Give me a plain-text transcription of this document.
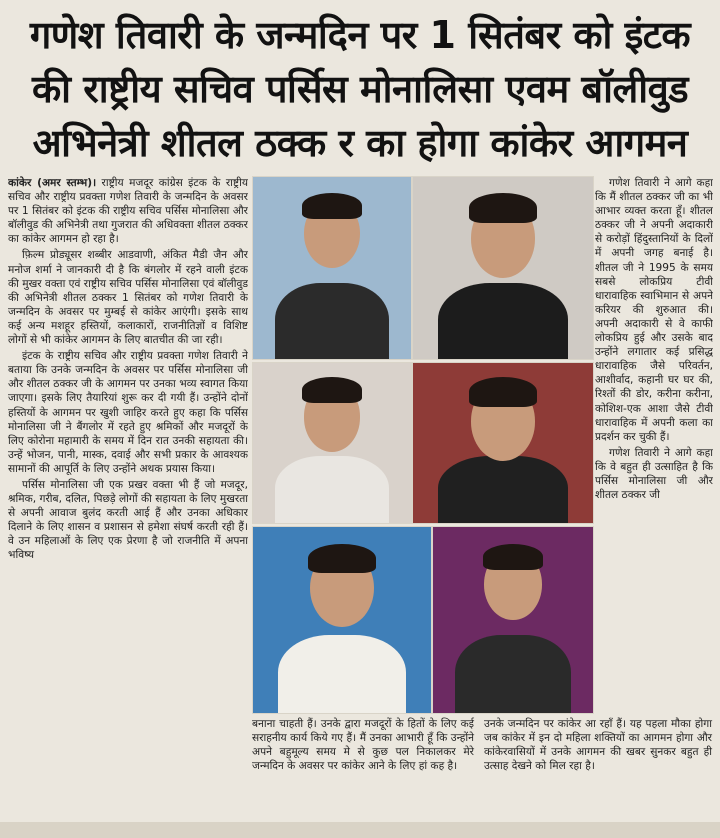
गणेश तिवारी के जन्मदिन पर 1 सितंबर को इंटक
की राष्ट्रीय सचिव पर्सिस मोनालिसा एवम बॉलीवुड
अभिनेत्री शीतल ठक्क र का होगा कांकेर आगमन

कांकेर (अमर स्तम्भ)। राष्ट्रीय मजदूर कांग्रेस इंटक के राष्ट्रीय सचिव और राष्ट्रीय प्रवक्ता गणेश तिवारी के जन्मदिन के अवसर पर 1 सितंबर को इंटक की राष्ट्रीय सचिव पर्सिस मोनालिसा और बॉलीवुड की अभिनेत्री तथा गुजरात की अधिवक्ता शीतल ठक्कर का कांकेर आगमन हो रहा है।

फ़िल्म प्रोड्यूसर शब्बीर आडवाणी, अंकित मैडी जैन और मनोज शर्मा ने जानकारी दी है कि बंगलोर में रहने वाली इंटक की मुखर वक्ता एवं राष्ट्रीय सचिव पर्सिस मोनालिसा एवं बॉलीवुड की अभिनेत्री शीतल ठक्कर 1 सितंबर को गणेश तिवारी के जन्मदिन के अवसर पर मुम्बई से कांकेर आएंगी। इसके साथ कई अन्य मशहूर हस्तियों, कलाकारों, राजनीतिज्ञों व विशिष्ट लोगों से भी कांकेर आगमन के लिए बातचीत की जा रही।

इंटक के राष्ट्रीय सचिव और राष्ट्रीय प्रवक्ता गणेश तिवारी ने बताया कि उनके जन्मदिन के अवसर पर पर्सिस मोनालिसा जी और शीतल ठक्कर जी के आगमन पर उनका भव्य स्वागत किया जाएगा। इसके लिए तैयारियां शुरू कर दी गयी हैं। उन्होंने दोनों हस्तियों के आगमन पर खुशी जाहिर करते हुए कहा कि पर्सिस मोनालिसा जी ने बैंगलोर में रहते हुए श्रमिकों और मजदूरों के लिए कोरोना महामारी के समय में दिन रात उनकी सहायता की। उन्हें भोजन, पानी, मास्क, दवाई और सभी प्रकार के आवश्यक सामानों की आपूर्ति के लिए उन्होंने अथक प्रयास किया।

पर्सिस मोनालिसा जी एक प्रखर वक्ता भी हैं जो मजदूर, श्रमिक, गरीब, दलित, पिछड़े लोगों की सहायता के लिए मुखरता से अपनी आवाज बुलंद करती आई हैं और उनका अधिकार दिलाने के लिए शासन व प्रशासन से हमेशा संघर्ष करती रही हैं। वे उन महिलाओं के लिए एक प्रेरणा है जो राजनीति में अपना भविष्य

गणेश तिवारी ने आगे कहा कि मैं शीतल ठक्कर जी का भी आभार व्यक्त करता हूँ। शीतल ठक्कर जी ने अपनी अदाकारी से करोड़ों हिंदुस्तानियों के दिलों में अपनी जगह बनाई है। शीतल जी ने 1995 के समय सबसे लोकप्रिय टीवी धारावाहिक स्वाभिमान से अपने करियर की शुरुआत की। अपनी अदाकारी से वे काफी लोकप्रिय हुई और उसके बाद उन्होंने लगातार कई प्रसिद्ध धारावाहिक जैसे परिवर्तन, आशीर्वाद, कहानी घर घर की, रिश्तों की डोर, करीना करीना, कोशिश-एक आशा जैसे टीवी धारावाहिक में अपनी कला का प्रदर्शन कर चुकी हैं।

गणेश तिवारी ने आगे कहा कि वे बहुत ही उत्साहित है कि पर्सिस मोनालिसा जी और शीतल ठक्कर जी

बनाना चाहती हैं। उनके द्वारा मजदूरों के हितों के लिए कई सराहनीय कार्य किये गए हैं। मैं उनका आभारी हूँ कि उन्होंने अपने बहुमूल्य समय मे से कुछ पल निकालकर मेरे जन्मदिन के अवसर पर कांकेर आने के लिए हां कह है।

उनके जन्मदिन पर कांकेर आ रहाँ हैं। यह पहला मौका होगा जब कांकेर में इन दो महिला शक्तियों का आगमन होगा और कांकेरवासियों में उनके आगमन की खबर सुनकर बहुत ही उत्साह देखने को मिल रहा है।
